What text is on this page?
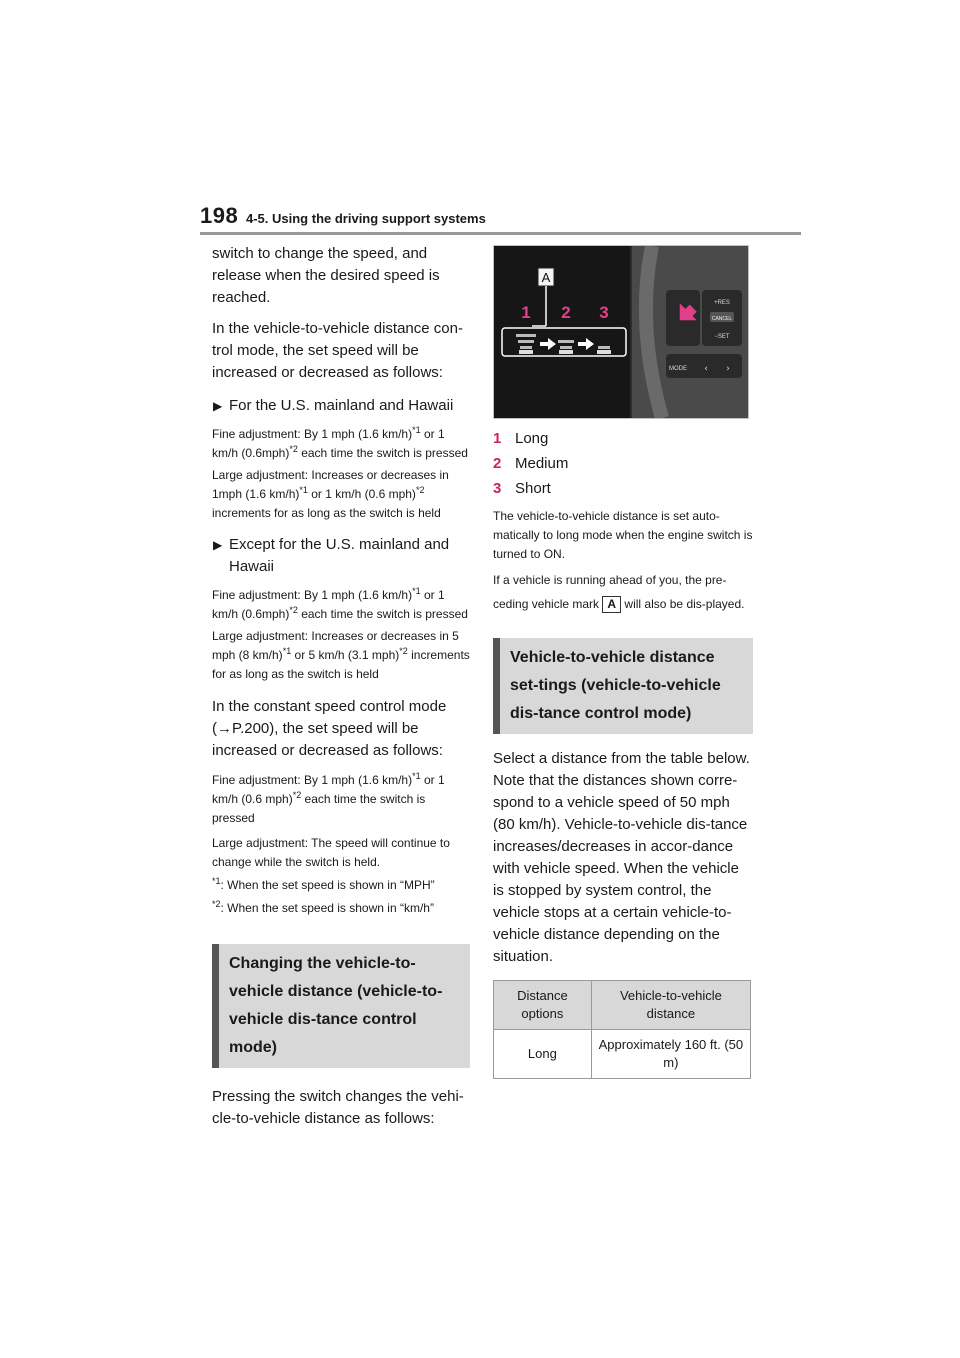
198 4-5. Using the driving support systems

switch to change the speed, and release when the desired speed is reached.

In the vehicle-to-vehicle distance con-trol mode, the set speed will be increased or decreased as follows:

▶ For the U.S. mainland and Hawaii

Fine adjustment: By 1 mph (1.6 km/h)$^{*1}$ or 1 km/h $(0.6mph)^{*2}$ each time the switch is pressed

Large adjustment: Increases or decreases in 1mph (1.6 km/h)$^{*1}$ or 1 km/h (0.6 mph)$^{*2}$ increments for as long as the switch is held

▶ Except for the U.S. mainland and Hawaii

Fine adjustment: By 1 mph (1.6 km/h)$^{*1}$ or 1 km/h $(0.6mph)^{*2}$ each time the switch is pressed

Large adjustment: Increases or decreases in 5 mph (8 km/h)$^{*1}$ or 5 km/h (3.1 mph)$^{*2}$ increments for as long as the switch is held

In the constant speed control mode (→P.200), the set speed will be increased or decreased as follows:

Fine adjustment: By 1 mph (1.6 km/h)$^{*1}$ or 1 km/h (0.6 mph)$^{*2}$ each time the switch is pressed

Large adjustment: The speed will continue to change while the switch is held.

$^{*1}$: When the set speed is shown in “MPH”

$^{*2}$: When the set speed is shown in “km/h”

Changing the vehicle-to-vehicle distance (vehicle-to-vehicle dis-tance control mode)

Pressing the switch changes the vehi-cle-to-vehicle distance as follows:

A
1 2 3	+RES
CANCEL
−SET
MODE ‹ ›
1 Long
2 Medium
3 Short

The vehicle-to-vehicle distance is set auto-matically to long mode when the engine switch is turned to ON.

If a vehicle is running ahead of you, the pre-ceding vehicle mark A will also be dis-played.

Vehicle-to-vehicle distance set-tings (vehicle-to-vehicle dis-tance control mode)

Select a distance from the table below. Note that the distances shown corre-spond to a vehicle speed of 50 mph (80 km/h). Vehicle-to-vehicle dis-tance increases/decreases in accor-dance with vehicle speed. When the vehicle is stopped by system control, the vehicle stops at a certain vehicle-to-vehicle distance depending on the situation.

Distance options	Vehicle-to-vehicle distance
Long	Approximately 160 ft. (50 m)
